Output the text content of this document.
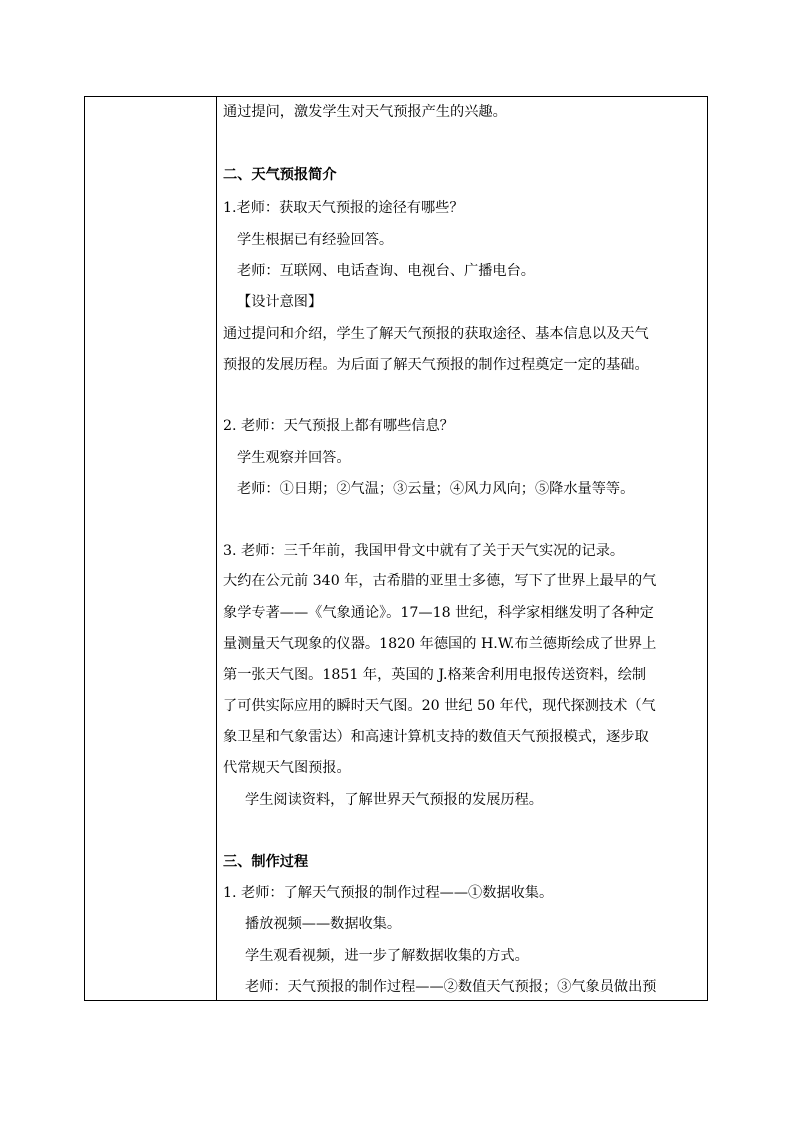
通过提问，激发学生对天气预报产生的兴趣。
二、天气预报简介
1.老师：获取天气预报的途径有哪些？
学生根据已有经验回答。
老师：互联网、电话查询、电视台、广播电台。
【设计意图】
通过提问和介绍，学生了解天气预报的获取途径、基本信息以及天气
预报的发展历程。为后面了解天气预报的制作过程奠定一定的基础。
2. 老师：天气预报上都有哪些信息？
学生观察并回答。
老师：①日期；②气温；③云量；④风力风向；⑤降水量等等。
3. 老师：三千年前，我国甲骨文中就有了关于天气实况的记录。
大约在公元前 340 年，古希腊的亚里士多德，写下了世界上最早的气
象学专著——《气象通论》。17—18 世纪，科学家相继发明了各种定
量测量天气现象的仪器。1820 年德国的 H.W.布兰德斯绘成了世界上
第一张天气图。1851 年，英国的 J.格莱舍利用电报传送资料，绘制
了可供实际应用的瞬时天气图。20 世纪 50 年代，现代探测技术（气
象卫星和气象雷达）和高速计算机支持的数值天气预报模式，逐步取
代常规天气图预报。
学生阅读资料，了解世界天气预报的发展历程。
三、制作过程
1. 老师：了解天气预报的制作过程——①数据收集。
播放视频——数据收集。
学生观看视频，进一步了解数据收集的方式。
老师：天气预报的制作过程——②数值天气预报；③气象员做出预
